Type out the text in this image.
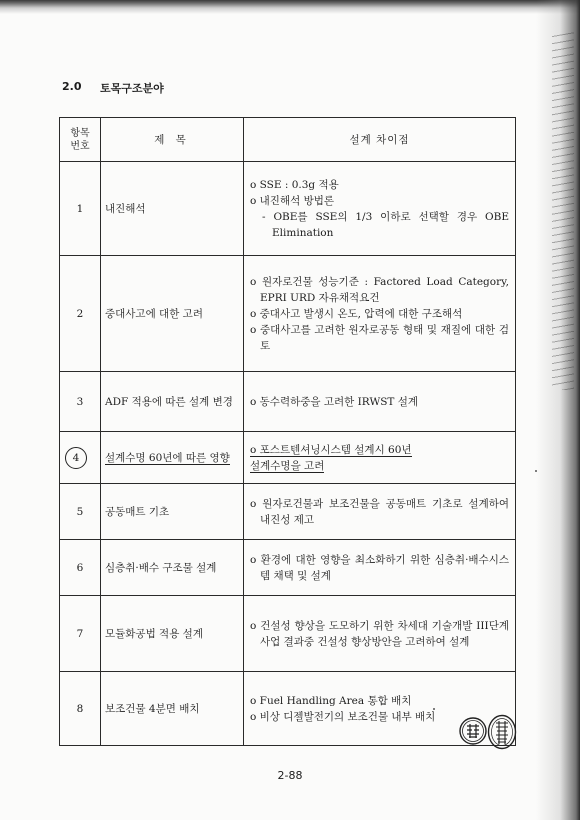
2.0 토목구조분야
항목
번호	제 목	설계 차이점
1	내진해석	o SSE : 0.3g 적용

o 내진해석 방법론

- OBE를 SSE의 1/3 이하로 선택할 경우 OBE Elimination

2	중대사고에 대한 고려	o 원자로건물 성능기준 : Factored Load Category, EPRI URD 자유채적요건

o 중대사고 발생시 온도, 압력에 대한 구조해석

o 중대사고를 고려한 원자로공동 형태 및 재질에 대한 검토

3	ADF 적용에 따른 설계 변경	o 동수력하중을 고려한 IRWST 설계

4	설계수명 60년에 따른 영향	o 포스트텐셔닝시스템 설계시 60년

설계수명을 고려

5	공동매트 기초	o 원자로건물과 보조건물을 공동매트 기초로 설계하여 내진성 제고

6	심층취·배수 구조물 설계	o 환경에 대한 영향을 최소화하기 위한 심층취·배수시스템 채택 및 설계

7	모듈화공법 적용 설계	o 건설성 향상을 도모하기 위한 차세대 기술개발 III단계 사업 결과중 건설성 향상방안을 고려하여 설계

8	보조건물 4분면 배치	o Fuel Handling Area 통합 배치

o 비상 디젤발전기의 보조건물 내부 배치

2-88
